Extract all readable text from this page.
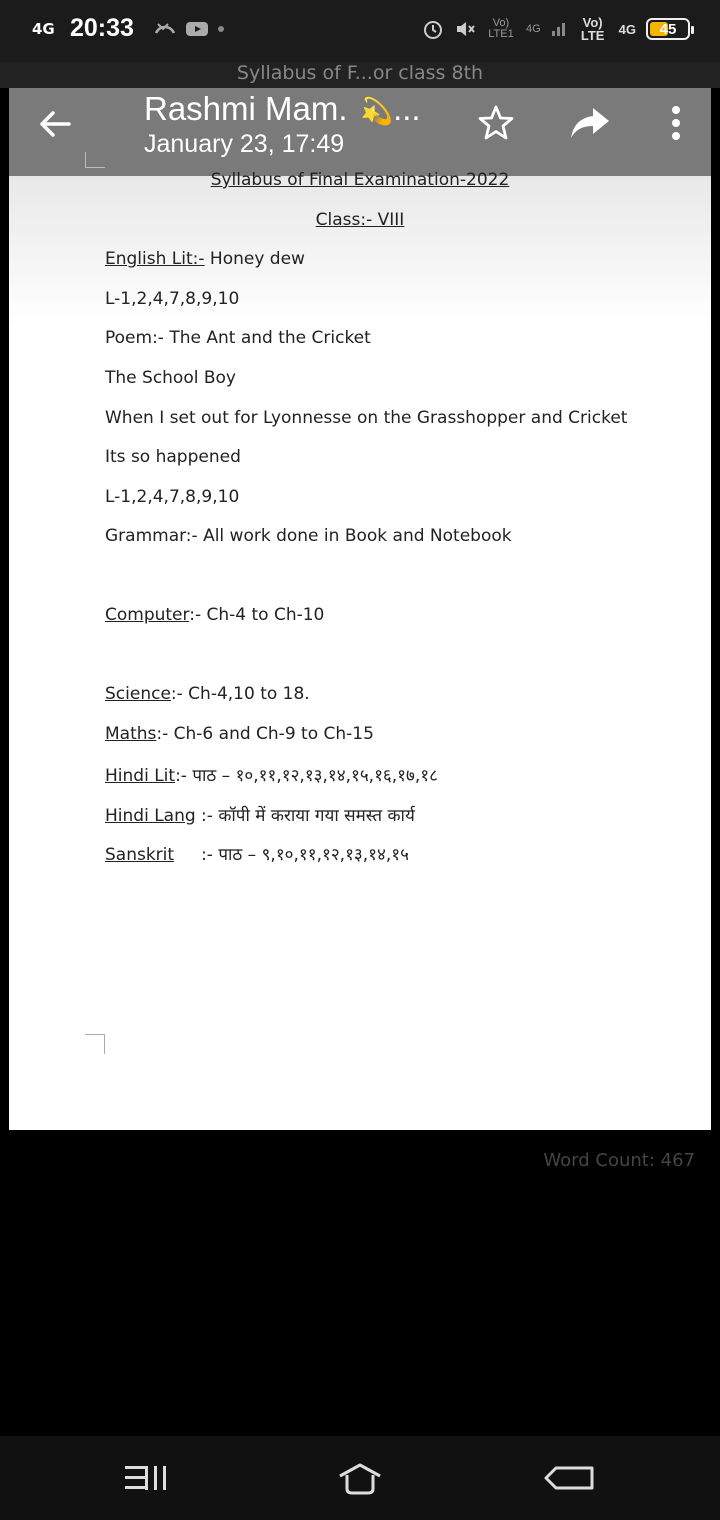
4G 20:33	Vo) LTE1 4G	Vo) LTE	4G 45
Syllabus of F...or class 8th
Rashmi Mam. 💫...
January 23, 17:49
Syllabus of Final Examination-2022
Class:- VIII
English Lit:- Honey dew
L-1,2,4,7,8,9,10
Poem:- The Ant and the Cricket
The School Boy
When I set out for Lyonnesse on the Grasshopper and Cricket
Its so happened
L-1,2,4,7,8,9,10
Grammar:- All work done in Book and Notebook
Computer:- Ch-4 to Ch-10
Science:- Ch-4,10 to 18.
Maths:- Ch-6 and Ch-9 to Ch-15
Hindi Lit:- पाठ – १०,११,१२,१३,१४,१५,१६,१७,१८
Hindi Lang :- कॉपी में कराया गया समस्त कार्य
Sanskrit     :- पाठ – ९,१०,११,१२,१३,१४,१५
Word Count: 467
